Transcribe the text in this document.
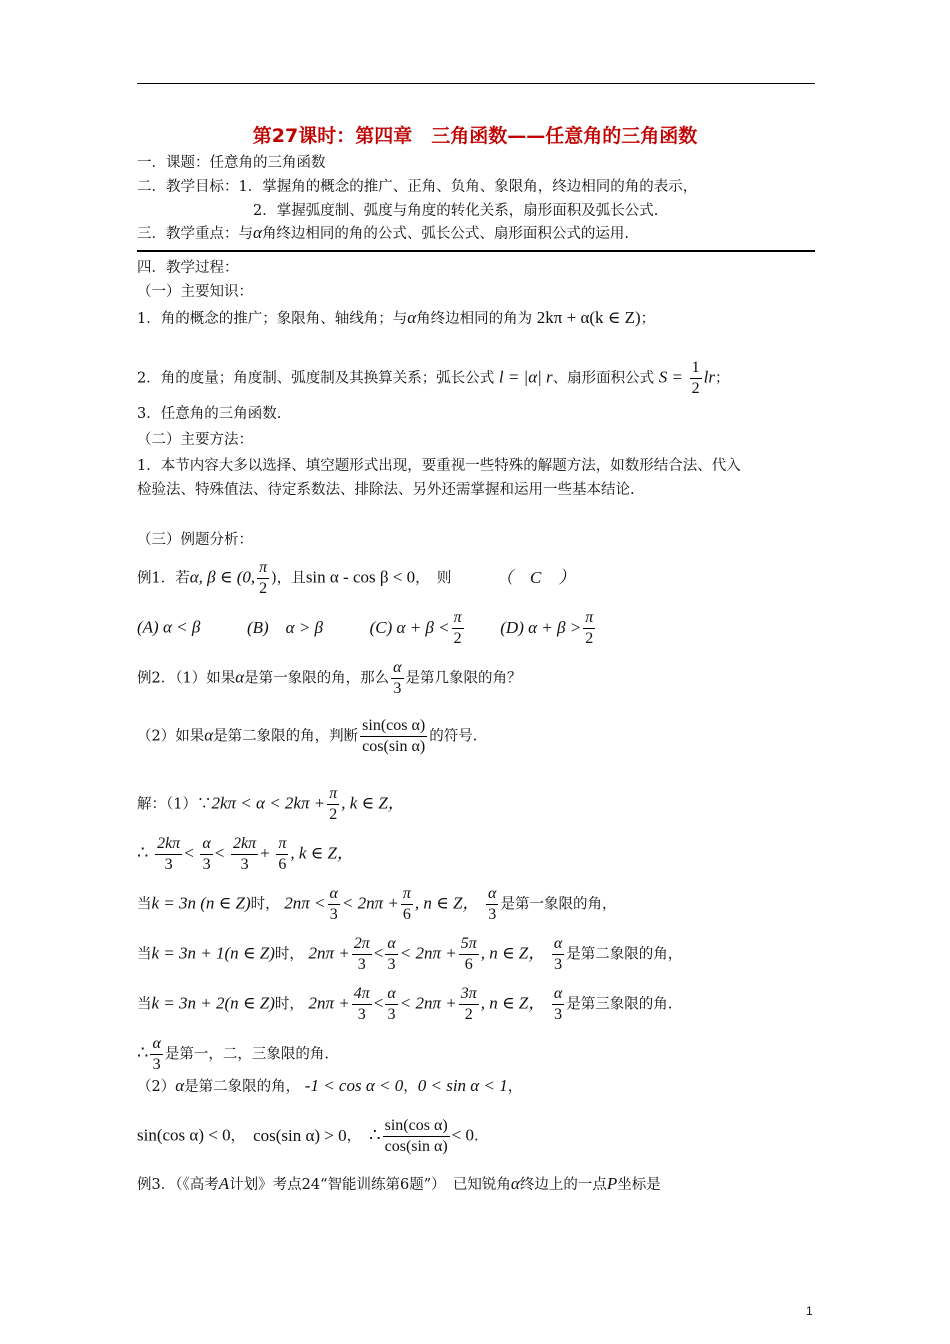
第27课时：第四章　三角函数——任意角的三角函数
一．课题：任意角的三角函数
二．教学目标：1．掌握角的概念的推广、正角、负角、象限角，终边相同的角的表示，
2．掌握弧度制、弧度与角度的转化关系，扇形面积及弧长公式.
三．教学重点：与α角终边相同的角的公式、弧长公式、扇形面积公式的运用.
四．教学过程：
（一）主要知识：
1．角的概念的推广；象限角、轴线角；与α角终边相同的角为 2kπ + α(k ∈ Z)；
2．角的度量；角度制、弧度制及其换算关系；弧长公式 l = |α| r、扇形面积公式 $S = \frac{1}{2}$ lr；
3．任意角的三角函数.
（二）主要方法：
1．本节内容大多以选择、填空题形式出现，要重视一些特殊的解题方法，如数形结合法、代入
检验法、特殊值法、待定系数法、排除法、另外还需掌握和运用一些基本结论.
（三）例题分析：
例1．若α, β ∈ (0, $\frac{\pi}{2}$ )，且sin α - cos β < 0，　则	（　C　）
(A) α < β	(B)　α > β	(C) $\alpha + \beta < \frac{\pi}{2} (D) \alpha + \beta > \frac{\pi}{2}$
例2．（1）如果α是第一象限的角，那么 $\frac{\alpha}{3}$ 是第几象限的角？
（2）如果α是第二象限的角，判断 $\frac{\text{sin(cos α)}}{\text{cos(sin α)}}$ 的符号.
解：（1）∵2kπ < $\alpha < 2k\pi + \frac{\pi}{2}$ , k ∈ Z，
∴ $\frac{2k\pi}{3} < \frac{\alpha}{3} < \frac{2k\pi}{3} + \frac{\pi}{6}$ , k ∈ Z，
当k = 3n (n ∈ Z)时， $2n\pi < \frac{\alpha}{3} < 2n\pi + \frac{\pi}{6}$ , n ∈ Z， $\frac{\alpha}{3}$ 是第一象限的角，
当k = 3n + 1(n ∈ Z)时， $2n\pi + \frac{2\pi}{3} < \frac{\alpha}{3} < 2n\pi + \frac{5\pi}{6}$ , n ∈ Z， $\frac{\alpha}{3}$ 是第二象限的角，
当k = 3n + 2(n ∈ Z)时， $2n\pi + \frac{4\pi}{3} < \frac{\alpha}{3} < 2n\pi + \frac{3\pi}{2}$ , n ∈ Z， $\frac{\alpha}{3}$ 是第三象限的角.
∴ $\frac{\alpha}{3}$ 是第一，二，三象限的角.
（2）α是第二象限的角， -1 < cos α < 0，0 < sin α < 1，
sin(cos α) < 0， cos(sin α) > 0， ∴ $\frac{\text{sin(cos α)}}{\text{cos(sin α)}} < 0$.
例3．（《高考A计划》考点24“智能训练第6题”）　已知锐角α终边上的一点P坐标是
1
